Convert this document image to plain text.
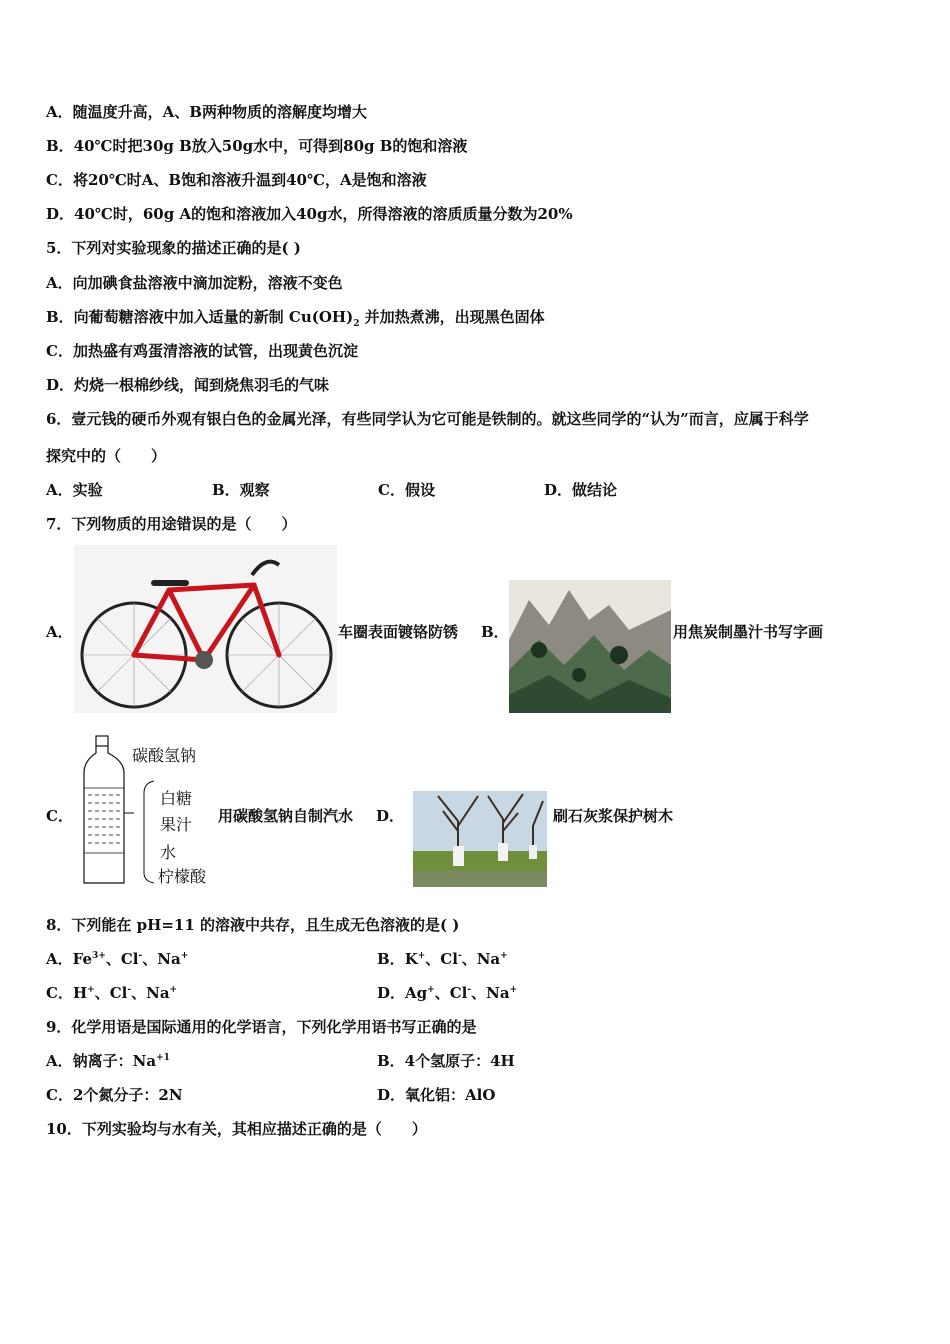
A．随温度升高，A、B两种物质的溶解度均增大
B．40℃时把30g B放入50g水中，可得到80g B的饱和溶液
C．将20℃时A、B饱和溶液升温到40℃，A是饱和溶液
D．40℃时，60g A的饱和溶液加入40g水，所得溶液的溶质质量分数为20%
5．下列对实验现象的描述正确的是( )
A．向加碘食盐溶液中滴加淀粉，溶液不变色
B．向葡萄糖溶液中加入适量的新制 $Cu(OH)_2$ 并加热煮沸，出现黑色固体
C．加热盛有鸡蛋清溶液的试管，出现黄色沉淀
D．灼烧一根棉纱线，闻到烧焦羽毛的气味
6．壹元钱的硬币外观有银白色的金属光泽，有些同学认为它可能是铁制的。就这些同学的“认为”而言，应属于科学
探究中的（　　）
A．实验	B．观察	C．假设	D．做结论
7．下列物质的用途错误的是（　　）
A．	车圈表面镀铬防锈 B．	用焦炭制墨汁书写字画
C．
碳酸氢钠
白糖
果汁
水
柠檬酸
用碳酸氢钠自制汽水 D．	刷石灰浆保护树木
8．下列能在 pH=11 的溶液中共存，且生成无色溶液的是( )
A．$Fe^{3+}$、Cl-、Na+	B．K+、Cl-、Na+
C．H+、Cl-、Na+	D．Ag+、Cl-、Na+
9．化学用语是国际通用的化学语言，下列化学用语书写正确的是
A．钠离子：$Na^{+1}$	B．4个氢原子：4H
C．2个氮分子：2N	D．氧化铝：AlO
10．下列实验均与水有关，其相应描述正确的是（　　）
